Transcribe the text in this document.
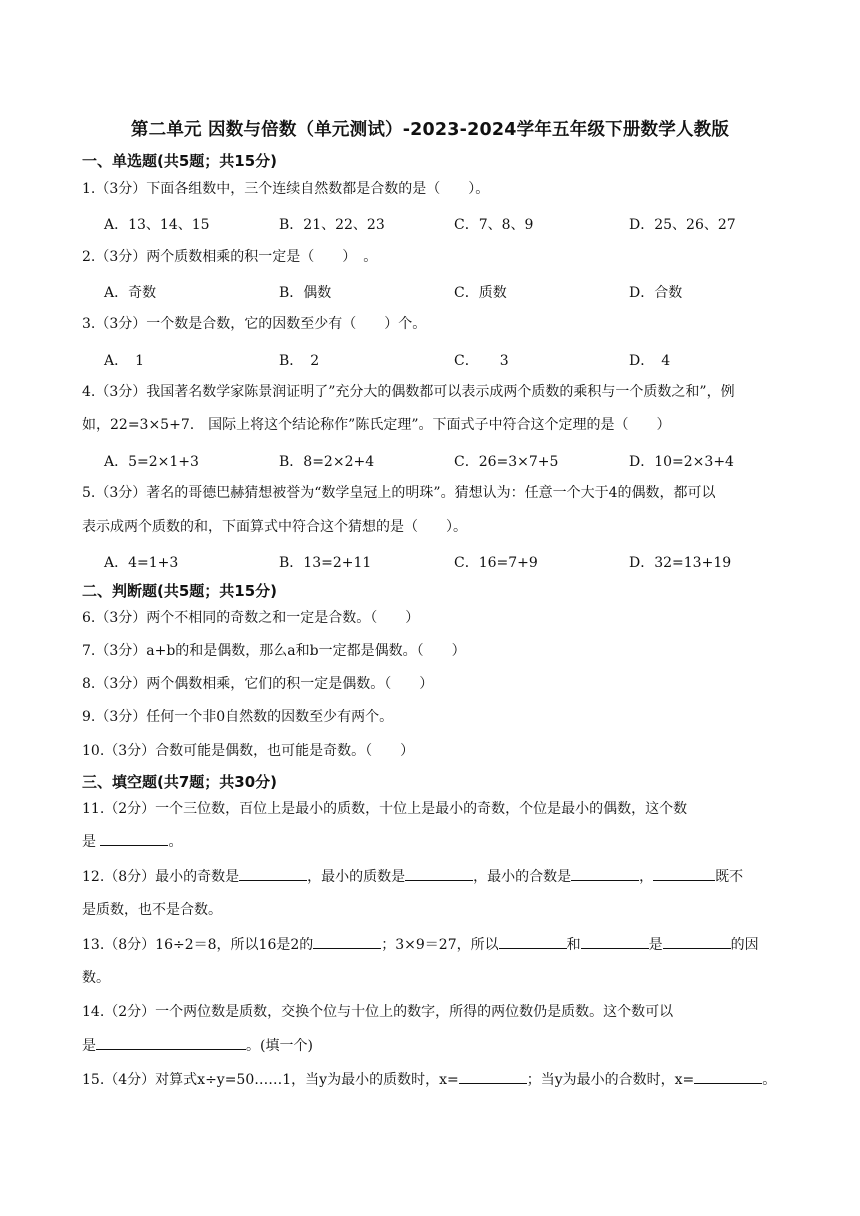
第二单元 因数与倍数（单元测试）-2023-2024学年五年级下册数学人教版
一、单选题(共5题；共15分)
1.（3分）下面各组数中，三个连续自然数都是合数的是（　　）。
A．13、14、15	B．21、22、23	C．7、8、9	D．25、26、27
2.（3分）两个质数相乘的积一定是（　　）　。
A．奇数	B．偶数	C．质数	D．合数
3.（3分）一个数是合数，它的因数至少有（　　）个。
A．　1	B．　2	C．　　3	D．　4
4.（3分）我国著名数学家陈景润证明了”充分大的偶数都可以表示成两个质数的乘积与一个质数之和”，例
如，22=3×5+7.　国际上将这个结论称作”陈氏定理”。下面式子中符合这个定理的是（　　）
A．5=2×1+3	B．8=2×2+4	C．26=3×7+5	D．10=2×3+4
5.（3分）著名的哥德巴赫猜想被誉为“数学皇冠上的明珠”。猜想认为：任意一个大于4的偶数，都可以
表示成两个质数的和，下面算式中符合这个猜想的是（　　）。
A．4=1+3	B．13=2+11	C．16=7+9	D．32=13+19
二、判断题(共5题；共15分)
6.（3分）两个不相同的奇数之和一定是合数。（　　）
7.（3分）a+b的和是偶数，那么a和b一定都是偶数。（　　）
8.（3分）两个偶数相乘，它们的积一定是偶数。（　　）
9.（3分）任何一个非0自然数的因数至少有两个。
10.（3分）合数可能是偶数，也可能是奇数。（　　）
三、填空题(共7题；共30分)
11.（2分）一个三位数，百位上是最小的质数，十位上是最小的奇数，个位是最小的偶数，这个数
是	。
12.（8分）最小的奇数是	，最小的质数是	，最小的合数是	，	既不
是质数，也不是合数。
13.（8分）16÷2＝8，所以16是2的	；3×9＝27，所以	和	是	的因
数。
14.（2分）一个两位数是质数，交换个位与十位上的数字，所得的两位数仍是质数。这个数可以
是	。(填一个)
15.（4分）对算式x÷y=50……1，当y为最小的质数时，x=	；当y为最小的合数时，x=	。
